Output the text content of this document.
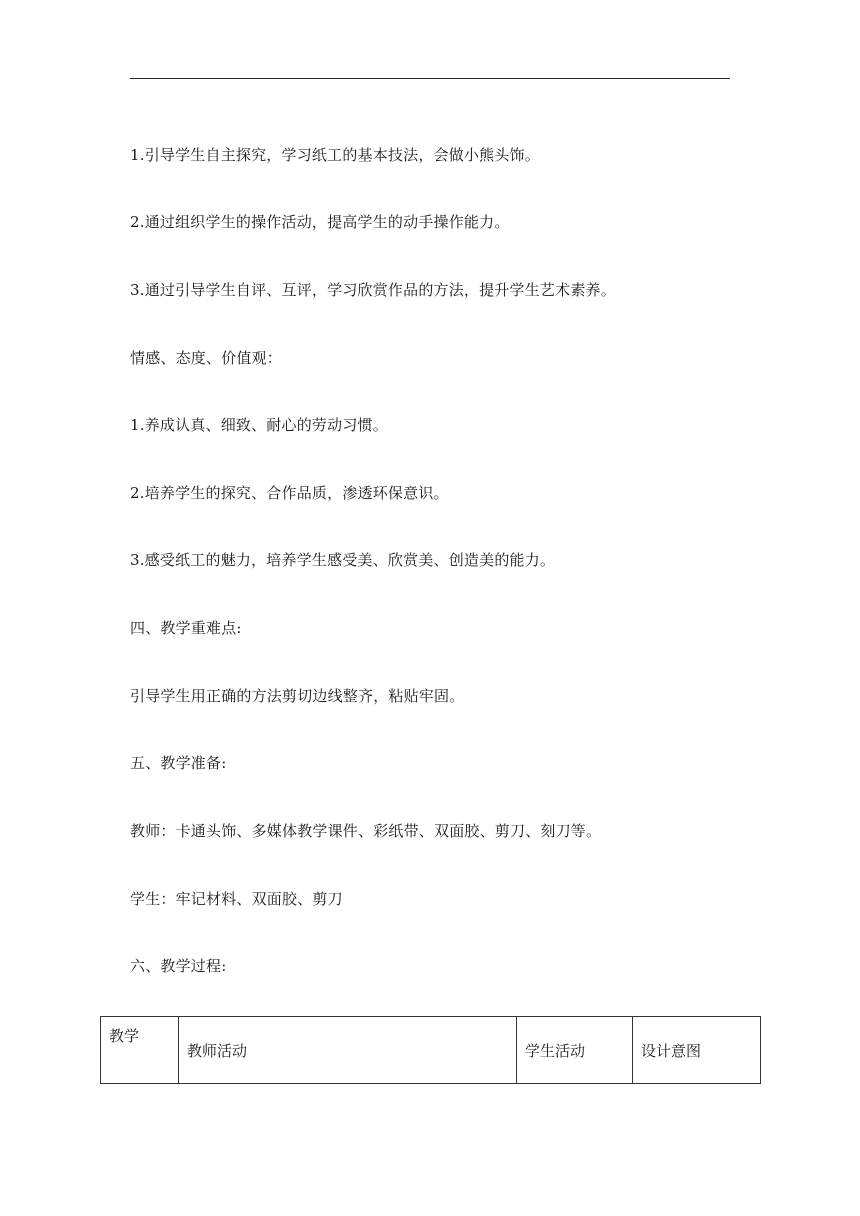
1.引导学生自主探究，学习纸工的基本技法，会做小熊头饰。
2.通过组织学生的操作活动，提高学生的动手操作能力。
3.通过引导学生自评、互评，学习欣赏作品的方法，提升学生艺术素养。
情感、态度、价值观：
1.养成认真、细致、耐心的劳动习惯。
2.培养学生的探究、合作品质，渗透环保意识。
3.感受纸工的魅力，培养学生感受美、欣赏美、创造美的能力。
四、教学重难点:
引导学生用正确的方法剪切边线整齐，粘贴牢固。
五、教学准备:
教师：卡通头饰、多媒体教学课件、彩纸带、双面胶、剪刀、刻刀等。
学生：牢记材料、双面胶、剪刀
六、教学过程:
教学	教师活动	学生活动	设计意图
